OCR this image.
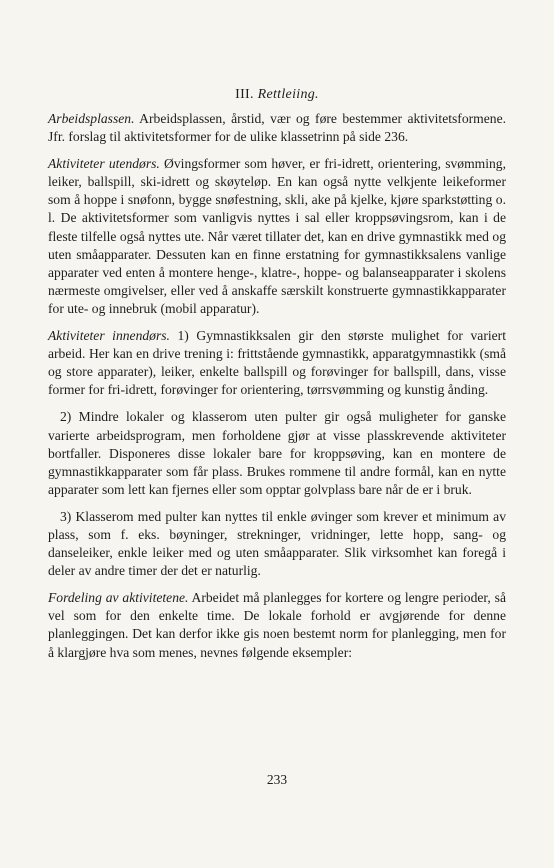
III. Rettleiing.

Arbeidsplassen. Arbeidsplassen, årstid, vær og føre bestemmer aktivitetsformene. Jfr. forslag til aktivitetsformer for de ulike klassetrinn på side 236.

Aktiviteter utendørs. Øvingsformer som høver, er fri-idrett, orientering, svømming, leiker, ballspill, ski-idrett og skøyteløp. En kan også nytte velkjente leikeformer som å hoppe i snøfonn, bygge snøfestning, skli, ake på kjelke, kjøre sparkstøtting o. l. De aktivitetsformer som vanligvis nyttes i sal eller kroppsøvingsrom, kan i de fleste tilfelle også nyttes ute. Når været tillater det, kan en drive gymnastikk med og uten småapparater. Dessuten kan en finne erstatning for gymnastikksalens vanlige apparater ved enten å montere henge-, klatre-, hoppe- og balanseapparater i skolens nærmeste omgivelser, eller ved å anskaffe særskilt konstruerte gymnastikkapparater for ute- og innebruk (mobil apparatur).

Aktiviteter innendørs. 1) Gymnastikksalen gir den største mulighet for variert arbeid. Her kan en drive trening i: frittstående gymnastikk, apparatgymnastikk (små og store apparater), leiker, enkelte ballspill og forøvinger for ballspill, dans, visse former for fri-idrett, forøvinger for orientering, tørrsvømming og kunstig ånding.

2) Mindre lokaler og klasserom uten pulter gir også muligheter for ganske varierte arbeidsprogram, men forholdene gjør at visse plasskrevende aktiviteter bortfaller. Disponeres disse lokaler bare for kroppsøving, kan en montere de gymnastikkapparater som får plass. Brukes rommene til andre formål, kan en nytte apparater som lett kan fjernes eller som opptar golvplass bare når de er i bruk.

3) Klasserom med pulter kan nyttes til enkle øvinger som krever et minimum av plass, som f. eks. bøyninger, strekninger, vridninger, lette hopp, sang- og danseleiker, enkle leiker med og uten småapparater. Slik virksomhet kan foregå i deler av andre timer der det er naturlig.

Fordeling av aktivitetene. Arbeidet må planlegges for kortere og lengre perioder, så vel som for den enkelte time. De lokale forhold er avgjørende for denne planleggingen. Det kan derfor ikke gis noen bestemt norm for planlegging, men for å klargjøre hva som menes, nevnes følgende eksempler:

233
